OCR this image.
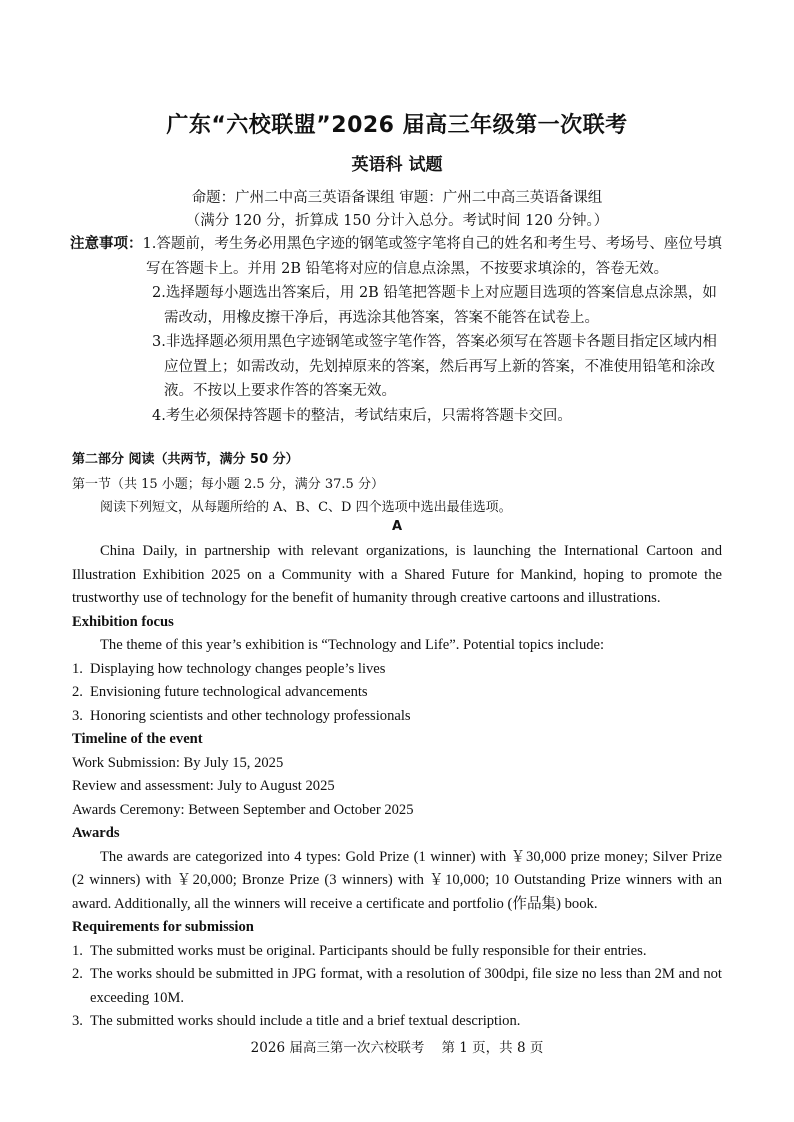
广东“六校联盟”2026 届高三年级第一次联考
英语科 试题
命题：广州二中高三英语备课组 审题：广州二中高三英语备课组
（满分 120 分，折算成 150 分计入总分。考试时间 120 分钟。）
注意事项：1.答题前，考生务必用黑色字迹的钢笔或签字笔将自己的姓名和考生号、考场号、座位号填
写在答题卡上。并用 2B 铅笔将对应的信息点涂黑，不按要求填涂的，答卷无效。
2.选择题每小题选出答案后，用 2B 铅笔把答题卡上对应题目选项的答案信息点涂黑，如
需改动，用橡皮擦干净后，再选涂其他答案，答案不能答在试卷上。
3.非选择题必须用黑色字迹钢笔或签字笔作答，答案必须写在答题卡各题目指定区域内相
应位置上；如需改动，先划掉原来的答案，然后再写上新的答案，不准使用铅笔和涂改
液。不按以上要求作答的答案无效。
4.考生必须保持答题卡的整洁，考试结束后，只需将答题卡交回。
第二部分 阅读（共两节，满分 50 分）
第一节（共 15 小题；每小题 2.5 分，满分 37.5 分）
阅读下列短文，从每题所给的 A、B、C、D 四个选项中选出最佳选项。
A

China Daily, in partnership with relevant organizations, is launching the International Cartoon and Illustration Exhibition 2025 on a Community with a Shared Future for Mankind, hoping to promote the trustworthy use of technology for the benefit of humanity through creative cartoons and illustrations.

Exhibition focus

The theme of this year’s exhibition is “Technology and Life”. Potential topics include:

1. Displaying how technology changes people’s lives
2. Envisioning future technological advancements
3. Honoring scientists and other technology professionals

Timeline of the event

Work Submission: By July 15, 2025

Review and assessment: July to August 2025

Awards Ceremony: Between September and October 2025

Awards

The awards are categorized into 4 types: Gold Prize (1 winner) with ￥30,000 prize money; Silver Prize (2 winners) with ￥20,000; Bronze Prize (3 winners) with ￥10,000; 10 Outstanding Prize winners with an award. Additionally, all the winners will receive a certificate and portfolio (作品集) book.

Requirements for submission

1. The submitted works must be original. Participants should be fully responsible for their entries.
2. The works should be submitted in JPG format, with a resolution of 300dpi, file size no less than 2M and not exceeding 10M.
3. The submitted works should include a title and a brief textual description.
2026 届高三第一次六校联考    第 1 页，共 8 页
